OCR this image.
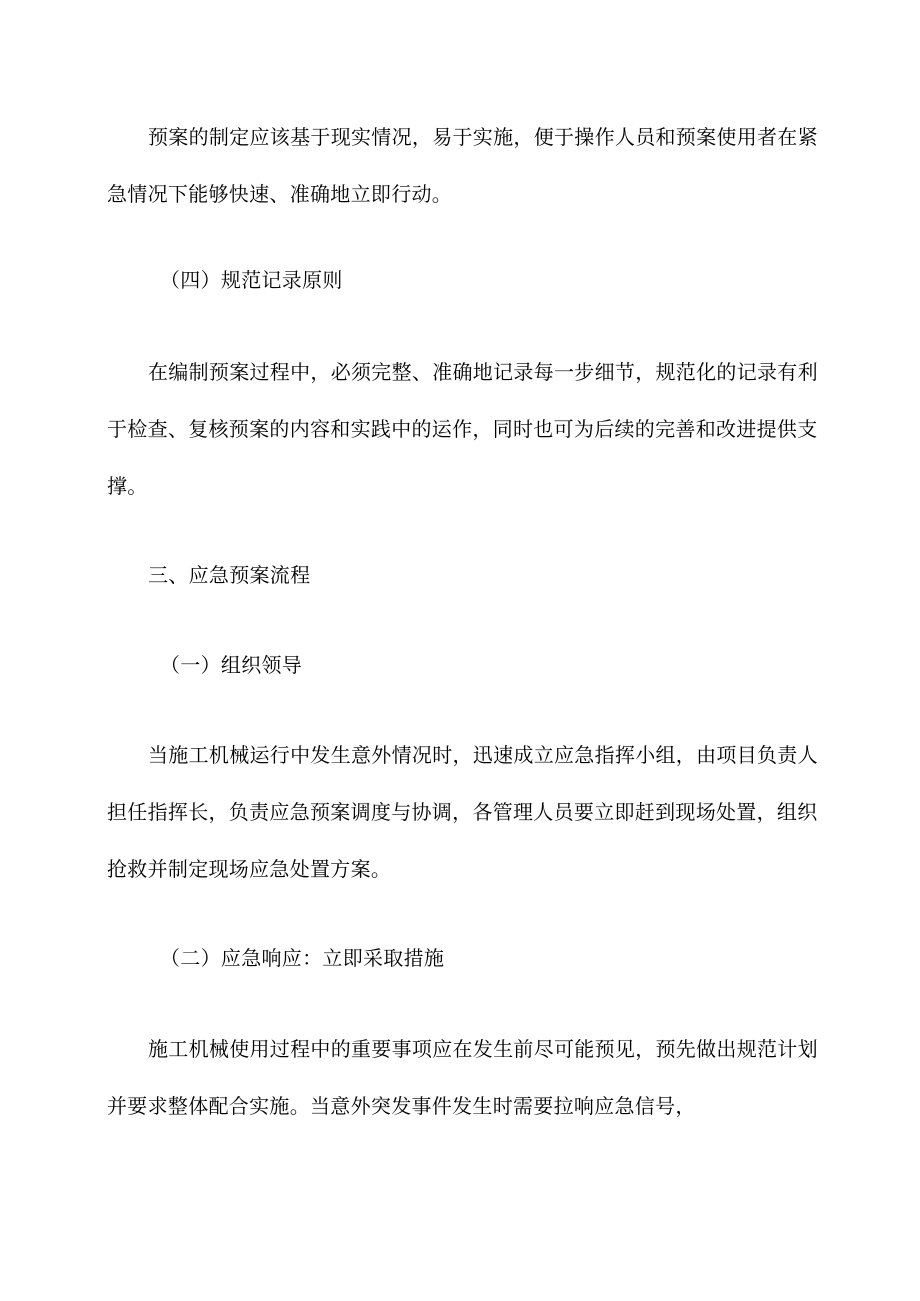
预案的制定应该基于现实情况，易于实施，便于操作人员和预案使用者在紧

急情况下能够快速、准确地立即行动。

（四）规范记录原则

在编制预案过程中，必须完整、准确地记录每一步细节，规范化的记录有利

于检查、复核预案的内容和实践中的运作，同时也可为后续的完善和改进提供支

撑。

三、应急预案流程

（一）组织领导

当施工机械运行中发生意外情况时，迅速成立应急指挥小组，由项目负责人

担任指挥长，负责应急预案调度与协调，各管理人员要立即赶到现场处置，组织

抢救并制定现场应急处置方案。

（二）应急响应：立即采取措施

施工机械使用过程中的重要事项应在发生前尽可能预见，预先做出规范计划

并要求整体配合实施。当意外突发事件发生时需要拉响应急信号，
